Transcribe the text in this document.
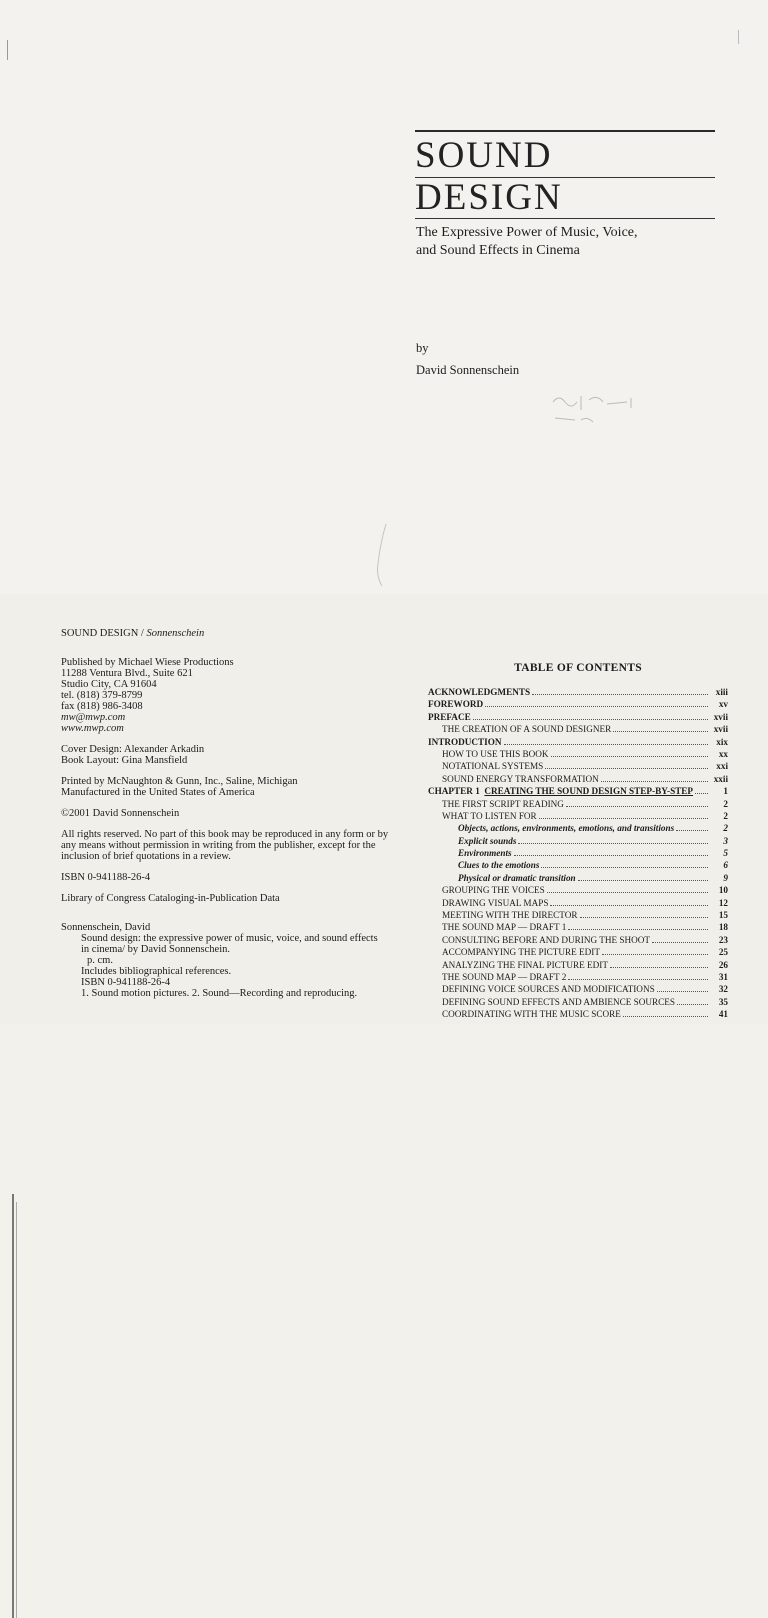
SOUND
DESIGN
The Expressive Power of Music, Voice,
and Sound Effects in Cinema
by
David Sonnenschein

SOUND DESIGN / Sonnenschein

Published by Michael Wiese Productions
11288 Ventura Blvd., Suite 621
Studio City, CA 91604
tel. (818) 379-8799
fax (818) 986-3408
mw@mwp.com
www.mwp.com

Cover Design: Alexander Arkadin
Book Layout: Gina Mansfield

Printed by McNaughton & Gunn, Inc., Saline, Michigan
Manufactured in the United States of America

©2001 David Sonnenschein

All rights reserved. No part of this book may be reproduced in any form or by
any means without permission in writing from the publisher, except for the
inclusion of brief quotations in a review.

ISBN 0-941188-26-4

Library of Congress Cataloging-in-Publication Data

Sonnenschein, David
Sound design: the expressive power of music, voice, and sound effects
in cinema/ by David Sonnenschein.
p. cm.
Includes bibliographical references.
ISBN 0-941188-26-4
1. Sound motion pictures. 2. Sound—Recording and reproducing.

TABLE OF CONTENTS
ACKNOWLEDGMENTS	xiii
FOREWORD	xv
PREFACE	xvii
THE CREATION OF A SOUND DESIGNER	xvii
INTRODUCTION	xix
HOW TO USE THIS BOOK	xx
NOTATIONAL SYSTEMS	xxi
SOUND ENERGY TRANSFORMATION	xxii
CHAPTER 1  CREATING THE SOUND DESIGN STEP-BY-STEP	1
THE FIRST SCRIPT READING	2
WHAT TO LISTEN FOR	2
Objects, actions, environments, emotions, and transitions	2
Explicit sounds	3
Environments	5
Clues to the emotions	6
Physical or dramatic transition	9
GROUPING THE VOICES	10
DRAWING VISUAL MAPS	12
MEETING WITH THE DIRECTOR	15
THE SOUND MAP — DRAFT 1	18
CONSULTING BEFORE AND DURING THE SHOOT	23
ACCOMPANYING THE PICTURE EDIT	25
ANALYZING THE FINAL PICTURE EDIT	26
THE SOUND MAP — DRAFT 2	31
DEFINING VOICE SOURCES AND MODIFICATIONS	32
DEFINING SOUND EFFECTS AND AMBIENCE SOURCES	35
COORDINATING WITH THE MUSIC SCORE	41
